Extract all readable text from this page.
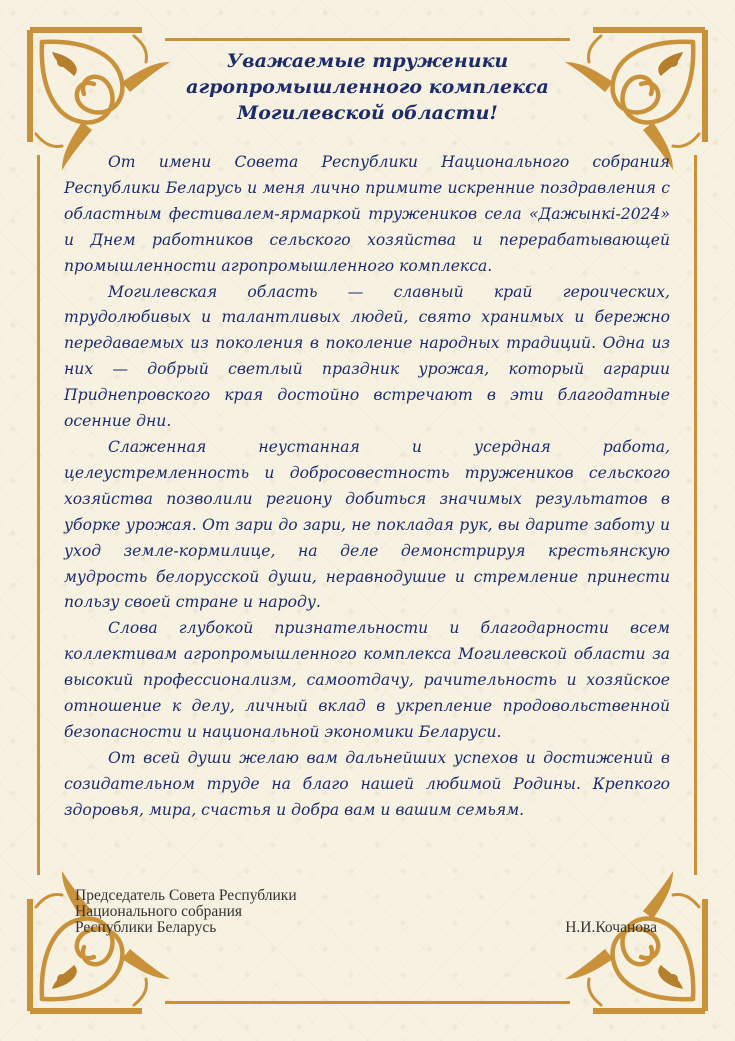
Уважаемые труженики
агропромышленного комплекса
Могилевской области!

От имени Совета Республики Национального собрания Республики Беларусь и меня лично примите искренние поздравления с областным фестивалем-ярмаркой тружеников села «Дажынкі-2024» и Днем работников сельского хозяйства и перерабатывающей промышленности агропромышленного комплекса.

Могилевская область — славный край героических, трудолюбивых и талантливых людей, свято хранимых и бережно передаваемых из поколения в поколение народных традиций. Одна из них — добрый светлый праздник урожая, который аграрии Приднепровского края достойно встречают в эти благодатные осенние дни.

Слаженная неустанная и усердная работа, целеустремленность и добросовестность тружеников сельского хозяйства позволили региону добиться значимых результатов в уборке урожая. От зари до зари, не покладая рук, вы дарите заботу и уход земле-кормилице, на деле демонстрируя крестьянскую мудрость белорусской души, неравнодушие и стремление принести пользу своей стране и народу.

Слова глубокой признательности и благодарности всем коллективам агропромышленного комплекса Могилевской области за высокий профессионализм, самоотдачу, рачительность и хозяйское отношение к делу, личный вклад в укрепление продовольственной безопасности и национальной экономики Беларуси.

От всей души желаю вам дальнейших успехов и достижений в созидательном труде на благо нашей любимой Родины. Крепкого здоровья, мира, счастья и добра вам и вашим семьям.

Председатель Совета Республики
Национального собрания
Республики Беларусь	Н.И.Кочанова
